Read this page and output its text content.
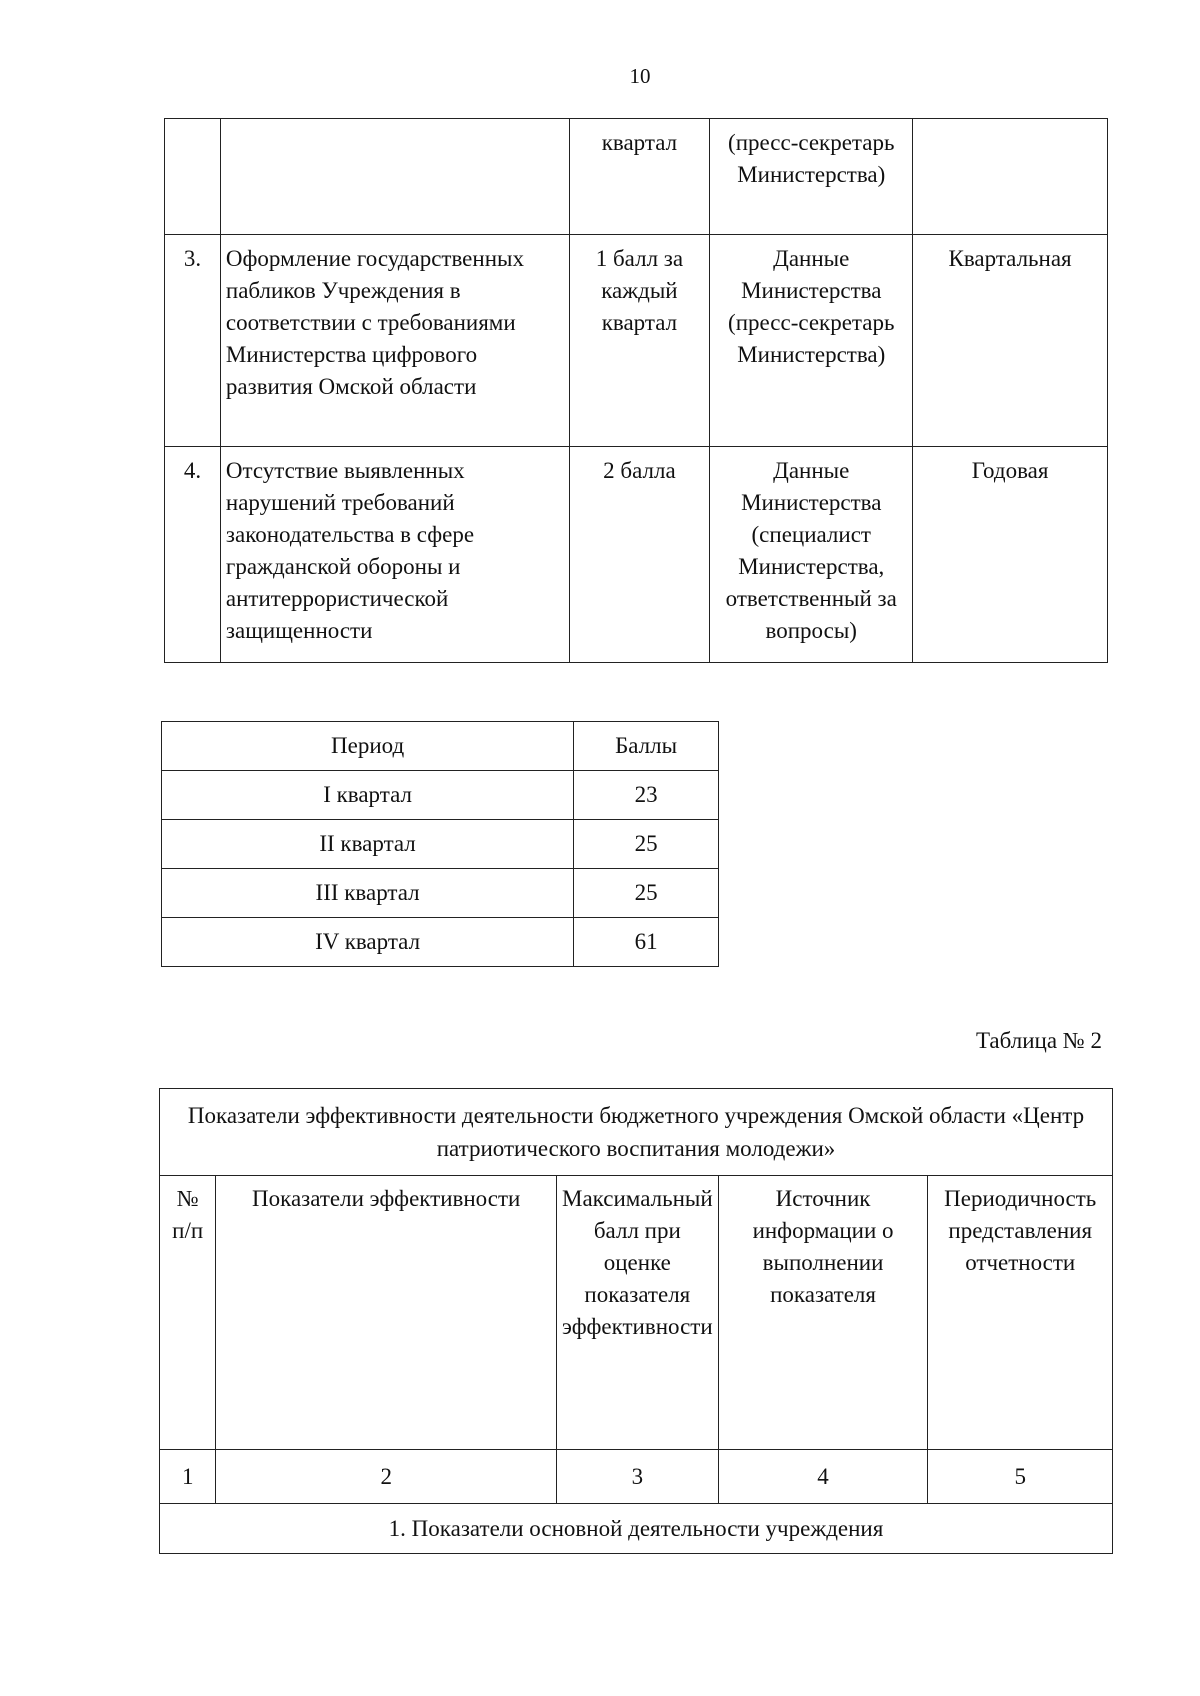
10
		квартал	(пресс-секретарь Министерства)	
3.	Оформление государственных пабликов Учреждения в соответствии с требованиями Министерства цифрового развития Омской области	1 балл за каждый квартал	Данные Министерства (пресс-секретарь Министерства)	Квартальная
4.	Отсутствие выявленных нарушений требований законодательства в сфере гражданской обороны и антитеррористической защищенности	2 балла	Данные Министерства (специалист Министерства, ответственный за вопросы)	Годовая
Период	Баллы
I квартал	23
II квартал	25
III квартал	25
IV квартал	61
Таблица № 2
Показатели эффективности деятельности бюджетного учреждения Омской области «Центр патриотического воспитания молодежи»				
№ п/п	Показатели эффективности	Максимальный балл при оценке показателя эффективности	Источник информации о выполнении показателя	Периодичность представления отчетности
1	2	3	4	5
1. Показатели основной деятельности учреждения				
